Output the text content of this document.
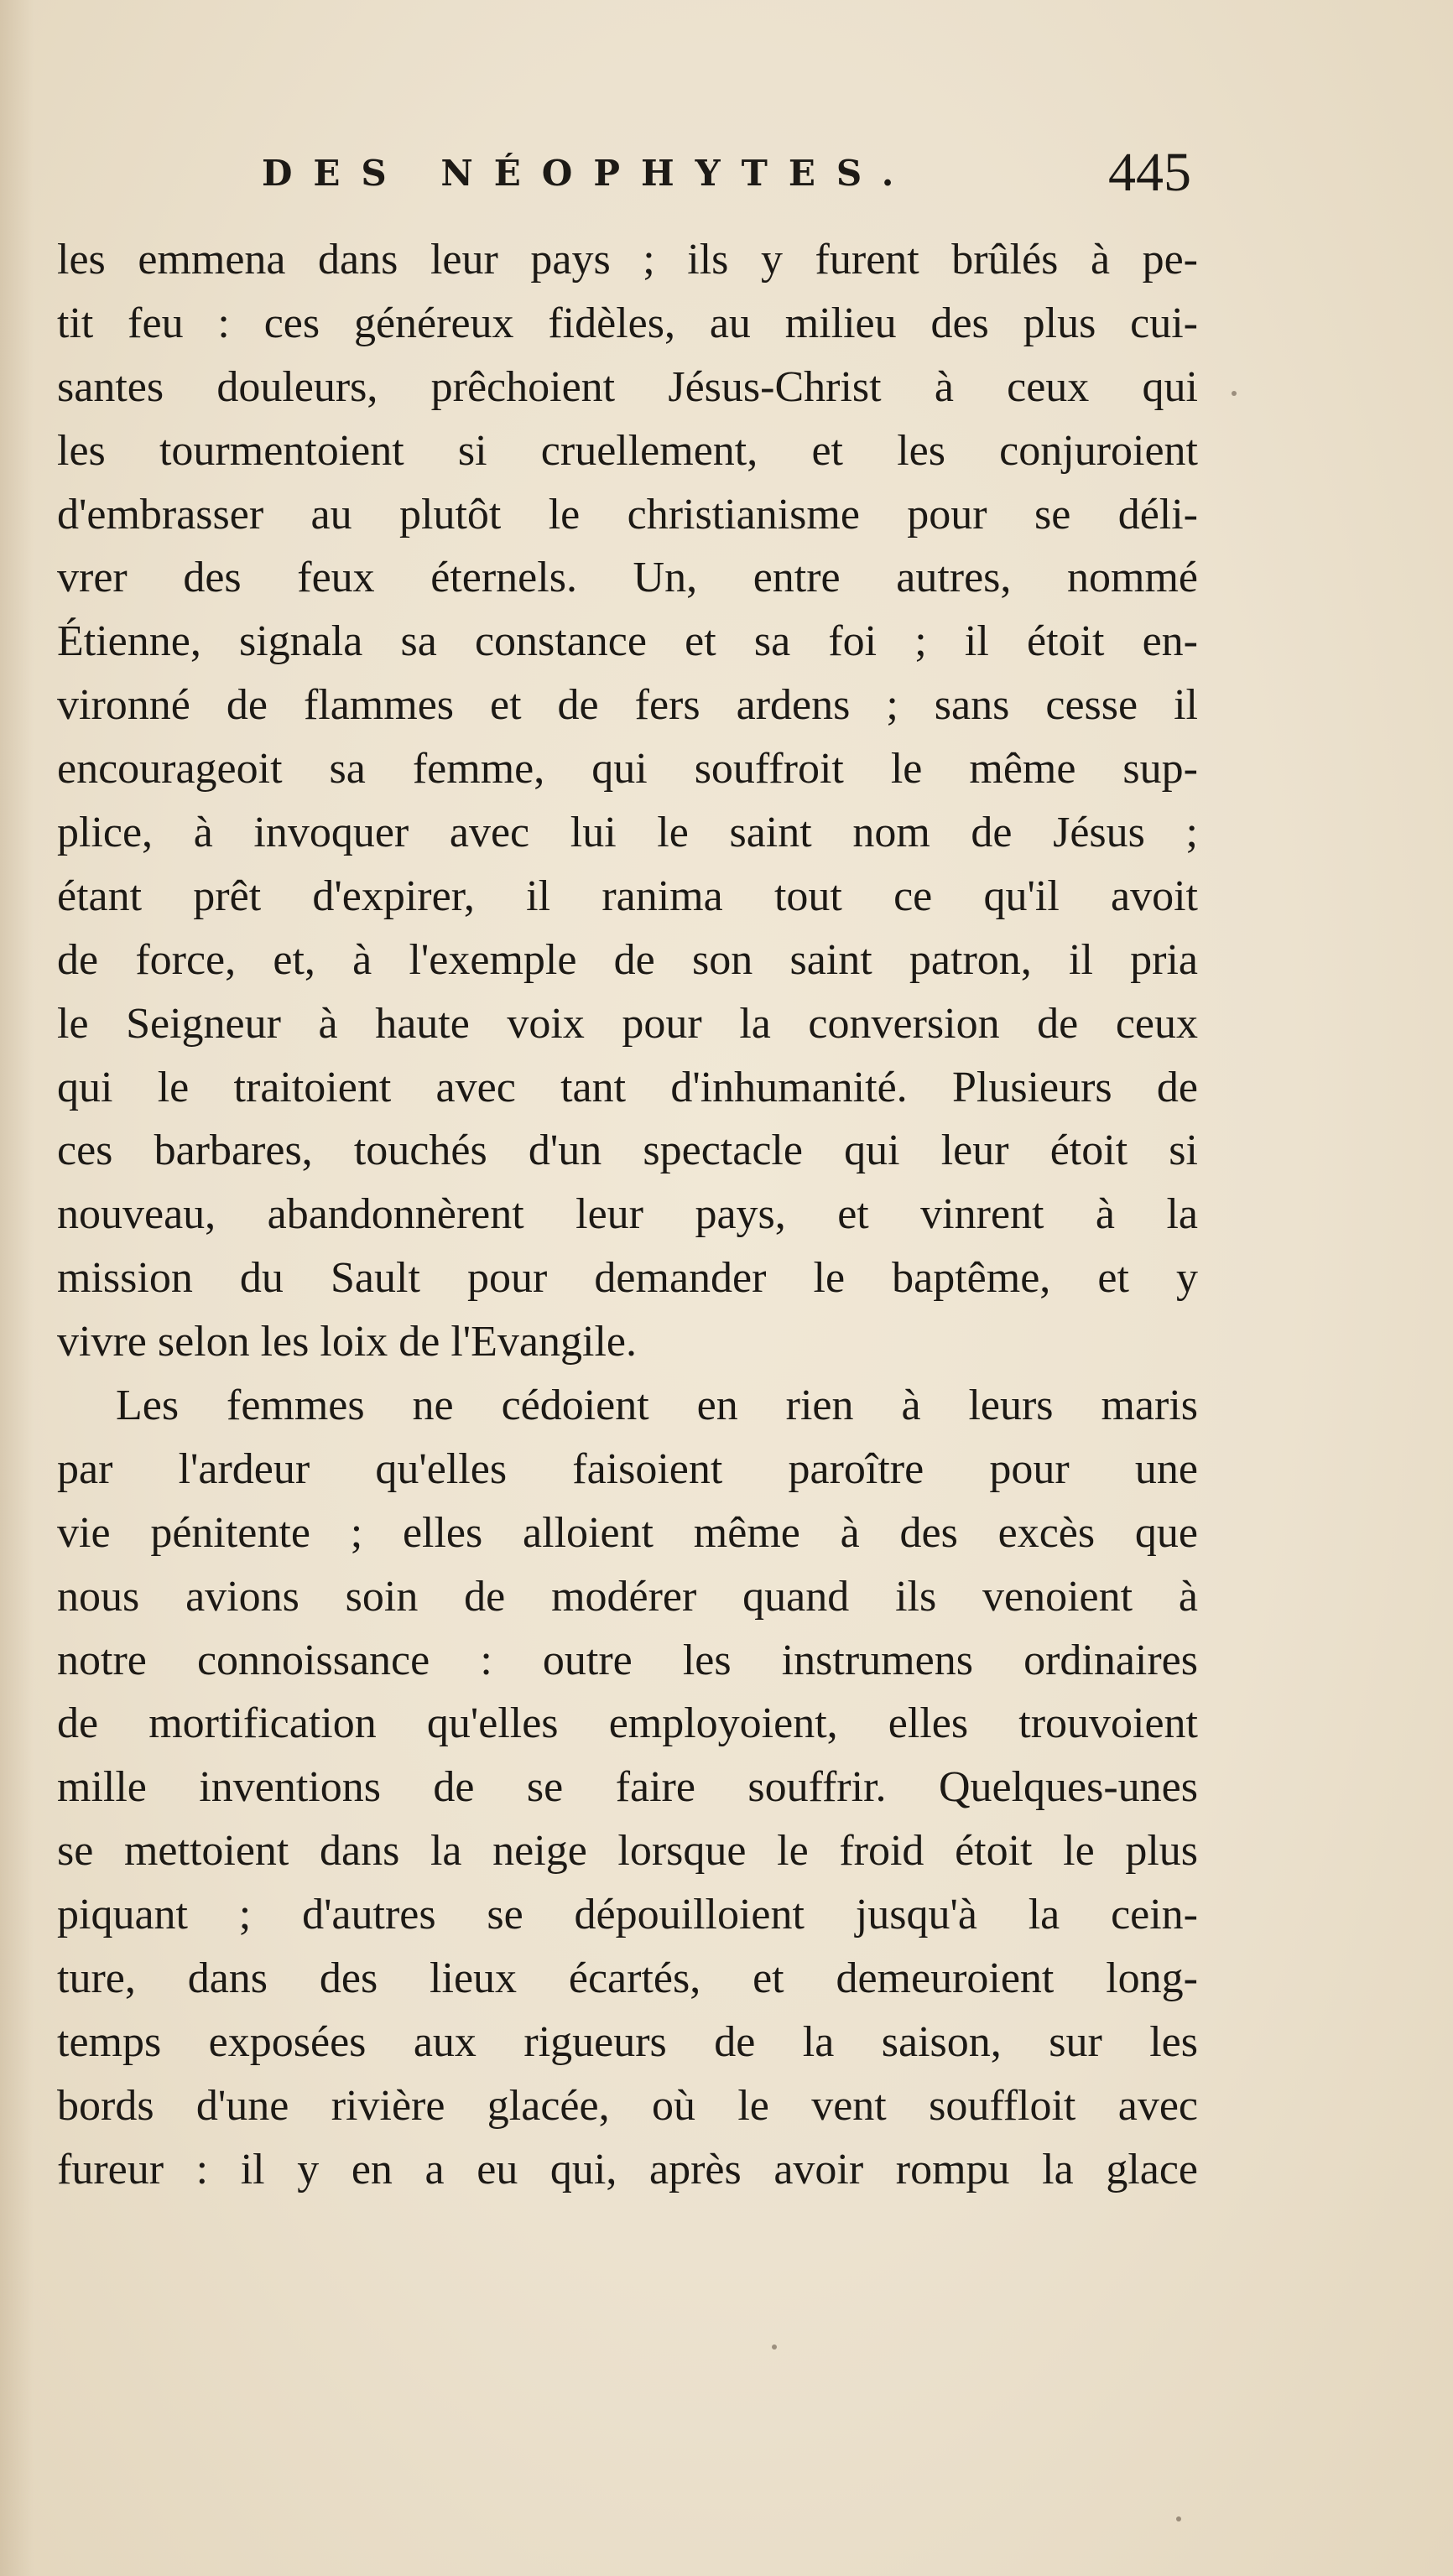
DES NÉOPHYTES.	445
les emmena dans leur pays ; ils y furent brûlés à pe-
tit feu : ces généreux fidèles, au milieu des plus cui-
santes douleurs, prêchoient Jésus-Christ à ceux qui
les tourmentoient si cruellement, et les conjuroient
d'embrasser au plutôt le christianisme pour se déli-
vrer des feux éternels. Un, entre autres, nommé
Étienne, signala sa constance et sa foi ; il étoit en-
vironné de flammes et de fers ardens ; sans cesse il
encourageoit sa femme, qui souffroit le même sup-
plice, à invoquer avec lui le saint nom de Jésus ;
étant prêt d'expirer, il ranima tout ce qu'il avoit
de force, et, à l'exemple de son saint patron, il pria
le Seigneur à haute voix pour la conversion de ceux
qui le traitoient avec tant d'inhumanité. Plusieurs de
ces barbares, touchés d'un spectacle qui leur étoit si
nouveau, abandonnèrent leur pays, et vinrent à la
mission du Sault pour demander le baptême, et y
vivre selon les loix de l'Evangile.
Les femmes ne cédoient en rien à leurs maris
par l'ardeur qu'elles faisoient paroître pour une
vie pénitente ; elles alloient même à des excès que
nous avions soin de modérer quand ils venoient à
notre connoissance : outre les instrumens ordinaires
de mortification qu'elles employoient, elles trouvoient
mille inventions de se faire souffrir. Quelques-unes
se mettoient dans la neige lorsque le froid étoit le plus
piquant ; d'autres se dépouilloient jusqu'à la cein-
ture, dans des lieux écartés, et demeuroient long-
temps exposées aux rigueurs de la saison, sur les
bords d'une rivière glacée, où le vent souffloit avec
fureur : il y en a eu qui, après avoir rompu la glace
